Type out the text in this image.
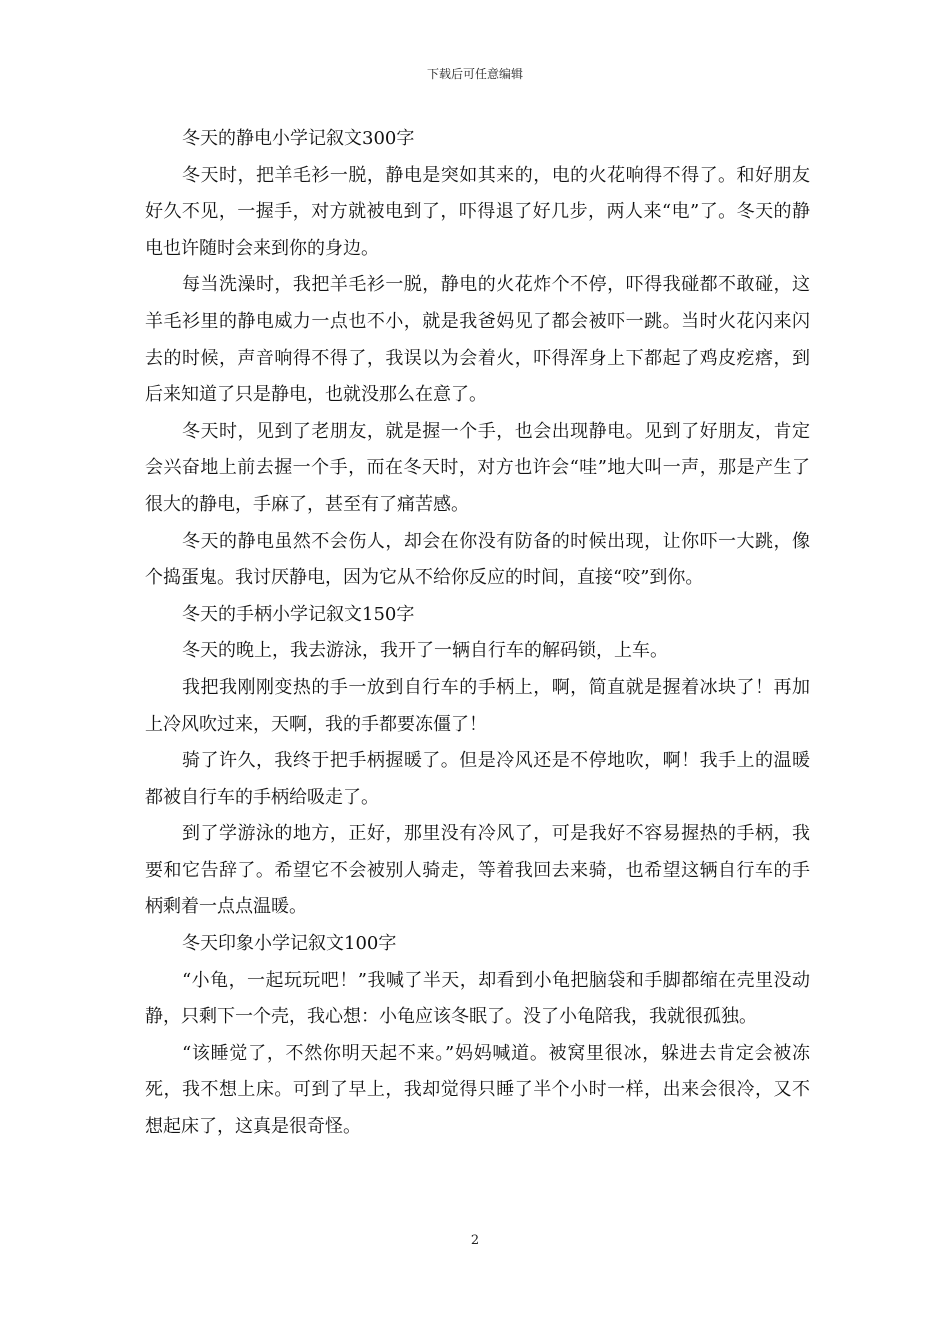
下载后可任意编辑

冬天的静电小学记叙文300字

冬天时，把羊毛衫一脱，静电是突如其来的，电的火花响得不得了。和好朋友好久不见，一握手，对方就被电到了，吓得退了好几步，两人来“电”了。冬天的静电也许随时会来到你的身边。

每当洗澡时，我把羊毛衫一脱，静电的火花炸个不停，吓得我碰都不敢碰，这羊毛衫里的静电威力一点也不小，就是我爸妈见了都会被吓一跳。当时火花闪来闪去的时候，声音响得不得了，我误以为会着火，吓得浑身上下都起了鸡皮疙瘩，到后来知道了只是静电，也就没那么在意了。

冬天时，见到了老朋友，就是握一个手，也会出现静电。见到了好朋友，肯定会兴奋地上前去握一个手，而在冬天时，对方也许会“哇”地大叫一声，那是产生了很大的静电，手麻了，甚至有了痛苦感。

冬天的静电虽然不会伤人，却会在你没有防备的时候出现，让你吓一大跳，像个捣蛋鬼。我讨厌静电，因为它从不给你反应的时间，直接“咬”到你。

冬天的手柄小学记叙文150字

冬天的晚上，我去游泳，我开了一辆自行车的解码锁，上车。

我把我刚刚变热的手一放到自行车的手柄上，啊，简直就是握着冰块了！再加上冷风吹过来，天啊，我的手都要冻僵了！

骑了许久，我终于把手柄握暖了。但是冷风还是不停地吹，啊！我手上的温暖都被自行车的手柄给吸走了。

到了学游泳的地方，正好，那里没有冷风了，可是我好不容易握热的手柄，我要和它告辞了。希望它不会被别人骑走，等着我回去来骑，也希望这辆自行车的手柄剩着一点点温暖。

冬天印象小学记叙文100字

“小龟，一起玩玩吧！”我喊了半天，却看到小龟把脑袋和手脚都缩在壳里没动静，只剩下一个壳，我心想：小龟应该冬眠了。没了小龟陪我，我就很孤独。

“该睡觉了，不然你明天起不来。”妈妈喊道。被窝里很冰，躲进去肯定会被冻死，我不想上床。可到了早上，我却觉得只睡了半个小时一样，出来会很冷，又不想起床了，这真是很奇怪。

2
